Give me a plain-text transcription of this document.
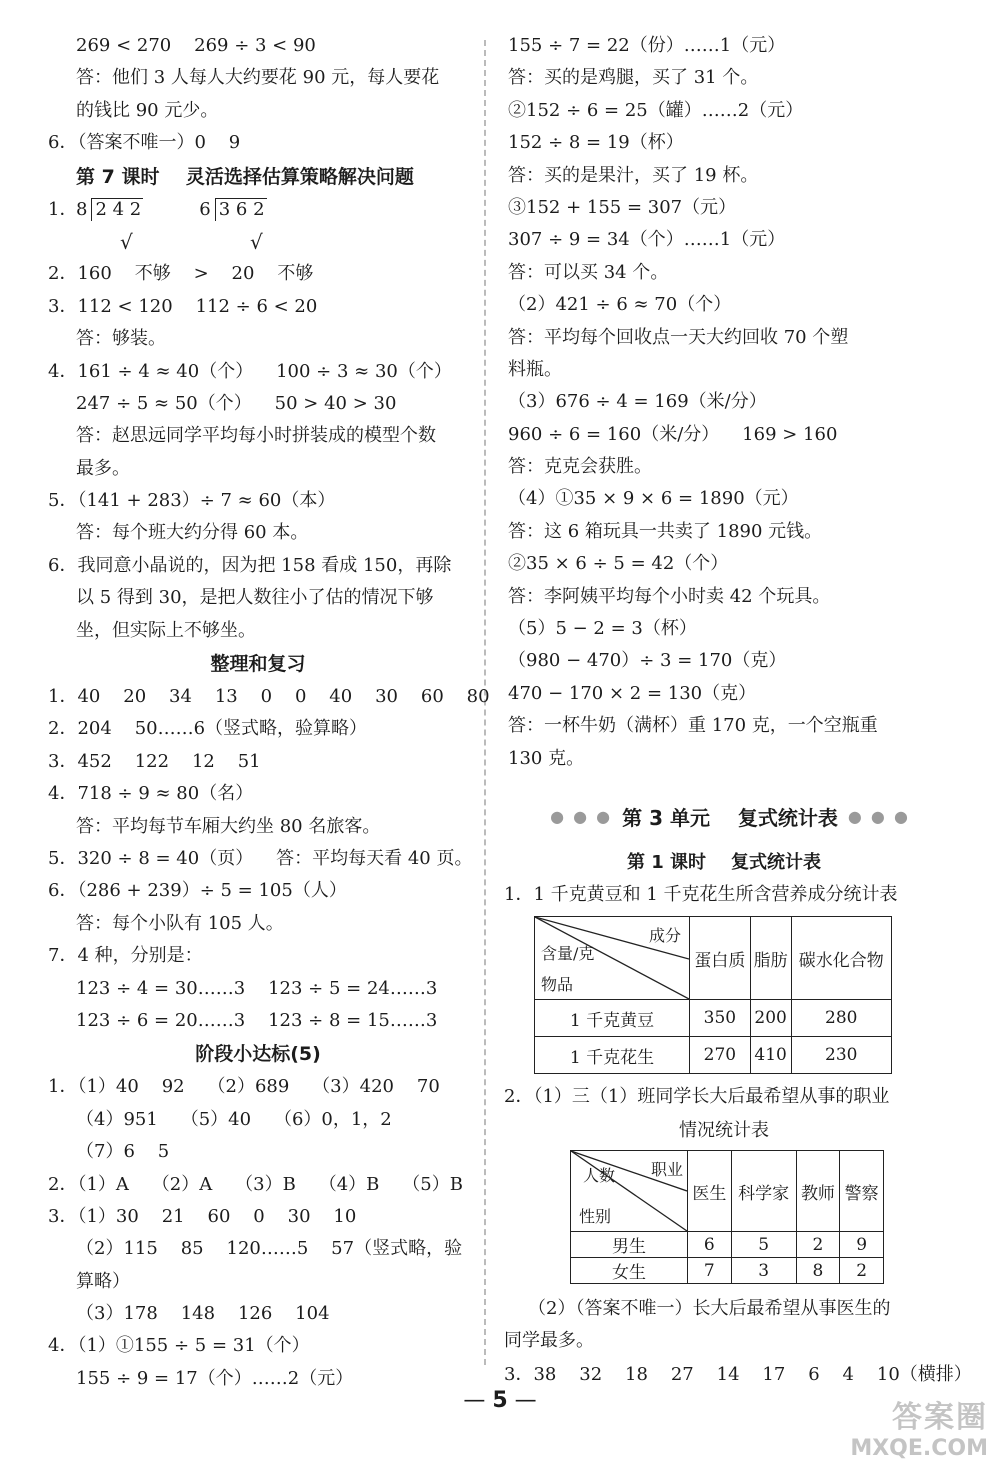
269 < 270    269 ÷ 3 < 90
答：他们 3 人每人大约要花 90 元，每人要花
的钱比 90 元少。
6．（答案不唯一）0    9
第 7 课时    灵活选择估算策略解决问题
1．8 2 4 2	6 3 6 2
√	√
2．160    不够    >    20    不够
3．112 < 120    112 ÷ 6 < 20
答：够装。
4．161 ÷ 4 ≈ 40（个）    100 ÷ 3 ≈ 30（个）
247 ÷ 5 ≈ 50（个）    50 > 40 > 30
答：赵思远同学平均每小时拼装成的模型个数
最多。
5．（141 + 283）÷ 7 ≈ 60（本）
答：每个班大约分得 60 本。
6．我同意小晶说的，因为把 158 看成 150，再除
以 5 得到 30，是把人数往小了估的情况下够
坐，但实际上不够坐。
整理和复习
1．40    20    34    13    0    0    40    30    60    80
2．204    50……6（竖式略，验算略）
3．452    122    12    51
4．718 ÷ 9 ≈ 80（名）
答：平均每节车厢大约坐 80 名旅客。
5．320 ÷ 8 = 40（页）    答：平均每天看 40 页。
6．（286 + 239）÷ 5 = 105（人）
答：每个小队有 105 人。
7．4 种，分别是：
123 ÷ 4 = 30……3    123 ÷ 5 = 24……3
123 ÷ 6 = 20……3    123 ÷ 8 = 15……3
阶段小达标(5)
1．（1）40    92    （2）689    （3）420    70
（4）951    （5）40    （6）0，1，2
（7）6    5
2．（1）A    （2）A    （3）B    （4）B    （5）B
3．（1）30    21    60    0    30    10
（2）115    85    120……5    57（竖式略，验
算略）
（3）178    148    126    104
4．（1）①155 ÷ 5 = 31（个）
155 ÷ 9 = 17（个）……2（元）
155 ÷ 7 = 22（份）……1（元）
答：买的是鸡腿，买了 31 个。
②152 ÷ 6 = 25（罐）……2（元）
152 ÷ 8 = 19（杯）
答：买的是果汁，买了 19 杯。
③152 + 155 = 307（元）
307 ÷ 9 = 34（个）……1（元）
答：可以买 34 个。
（2）421 ÷ 6 ≈ 70（个）
答：平均每个回收点一天大约回收 70 个塑
料瓶。
（3）676 ÷ 4 = 169（米/分）
960 ÷ 6 = 160（米/分）    169 > 160
答：克克会获胜。
（4）①35 × 9 × 6 = 1890（元）
答：这 6 箱玩具一共卖了 1890 元钱。
②35 × 6 ÷ 5 = 42（个）
答：李阿姨平均每个小时卖 42 个玩具。
（5）5 − 2 = 3（杯）
（980 − 470）÷ 3 = 170（克）
470 − 170 × 2 = 130（克）
答：一杯牛奶（满杯）重 170 克，一个空瓶重
130 克。
● ● ● 第 3 单元    复式统计表 ● ● ●
第 1 课时    复式统计表
1．1 千克黄豆和 1 千克花生所含营养成分统计表
成分
含量/克
物品	蛋白质	脂肪	碳水化合物
1 千克黄豆	350	200	280
1 千克花生	270	410	230
2．（1）三（1）班同学长大后最希望从事的职业
情况统计表
职业
人数
性别	医生	科学家	教师	警察
男生	6	5	2	9
女生	7	3	8	2
（2）（答案不唯一）长大后最希望从事医生的
同学最多。
3．38    32    18    27    14    17    6    4    10（横排）
— 5 —	答案圈
MXQE.COM
